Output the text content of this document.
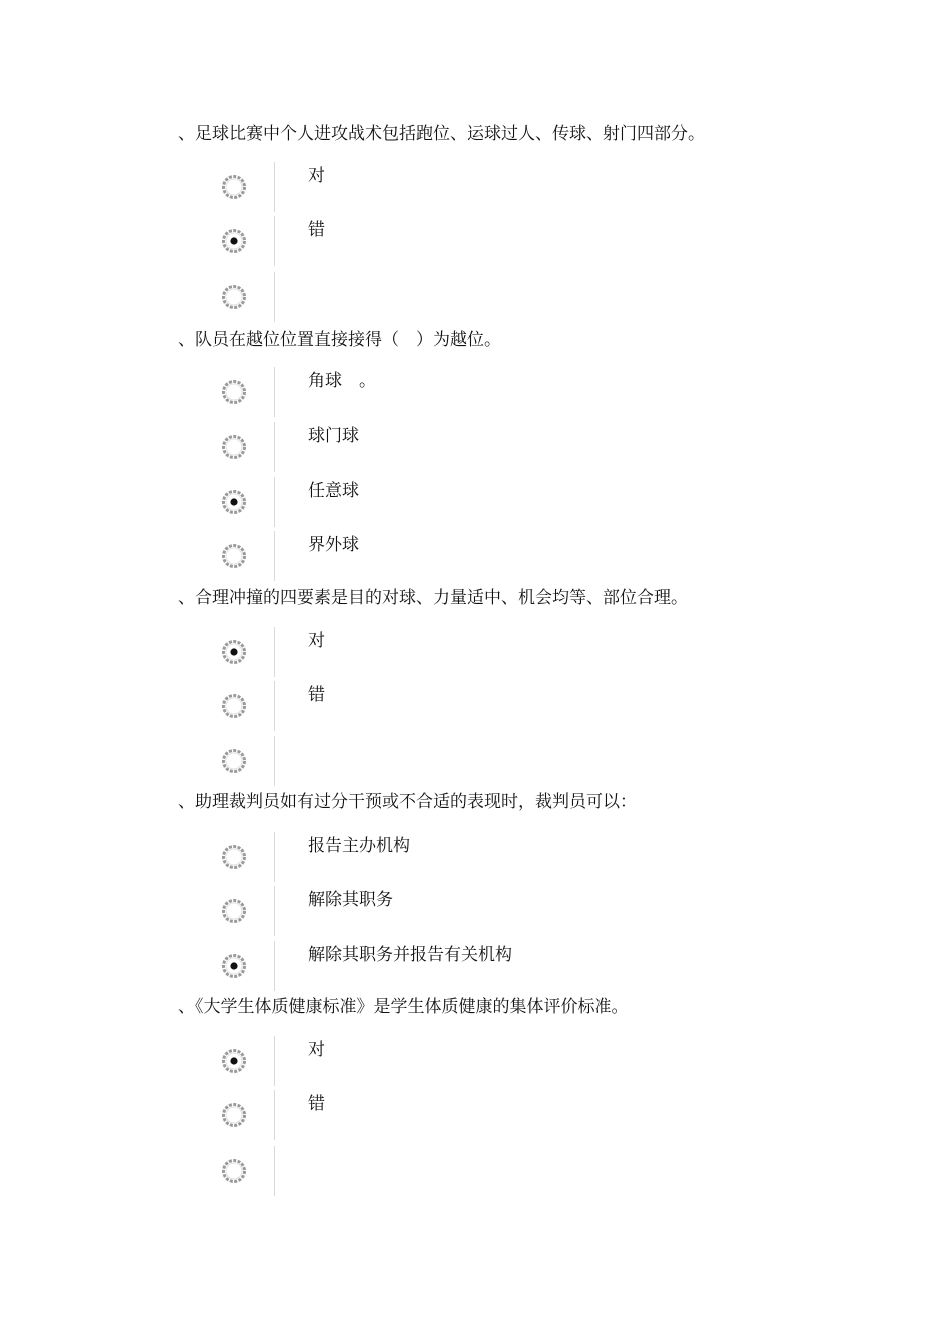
、足球比赛中个人进攻战术包括跑位、运球过人、传球、射门四部分。
对
错
、队员在越位位置直接接得（　）为越位。
角球　。
球门球
任意球
界外球
、合理冲撞的四要素是目的对球、力量适中、机会均等、部位合理。
对
错
、助理裁判员如有过分干预或不合适的表现时，裁判员可以：
报告主办机构
解除其职务
解除其职务并报告有关机构
、《大学生体质健康标准》是学生体质健康的集体评价标准。
对
错
